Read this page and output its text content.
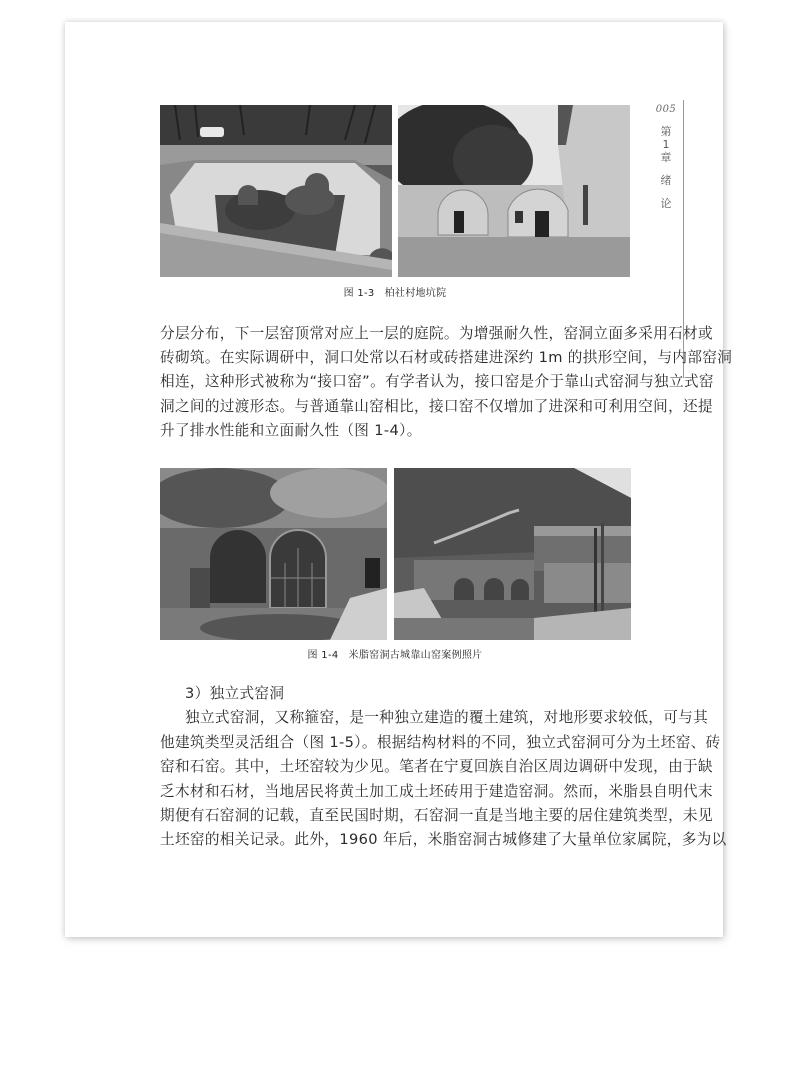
005
第
1
章
绪
论
图 1-3 柏社村地坑院
分层分布，下一层窑顶常对应上一层的庭院。为增强耐久性，窑洞立面多采用石材或
砖砌筑。在实际调研中，洞口处常以石材或砖搭建进深约 1m 的拱形空间，与内部窑洞
相连，这种形式被称为“接口窑”。有学者认为，接口窑是介于靠山式窑洞与独立式窑
洞之间的过渡形态。与普通靠山窑相比，接口窑不仅增加了进深和可利用空间，还提
升了排水性能和立面耐久性（图 1-4）。
图 1-4 米脂窑洞古城靠山窑案例照片
3）独立式窑洞
独立式窑洞，又称箍窑，是一种独立建造的覆土建筑，对地形要求较低，可与其
他建筑类型灵活组合（图 1-5）。根据结构材料的不同，独立式窑洞可分为土坯窑、砖
窑和石窑。其中，土坯窑较为少见。笔者在宁夏回族自治区周边调研中发现，由于缺
乏木材和石材，当地居民将黄土加工成土坯砖用于建造窑洞。然而，米脂县自明代末
期便有石窑洞的记载，直至民国时期，石窑洞一直是当地主要的居住建筑类型，未见
土坯窑的相关记录。此外，1960 年后，米脂窑洞古城修建了大量单位家属院，多为以
